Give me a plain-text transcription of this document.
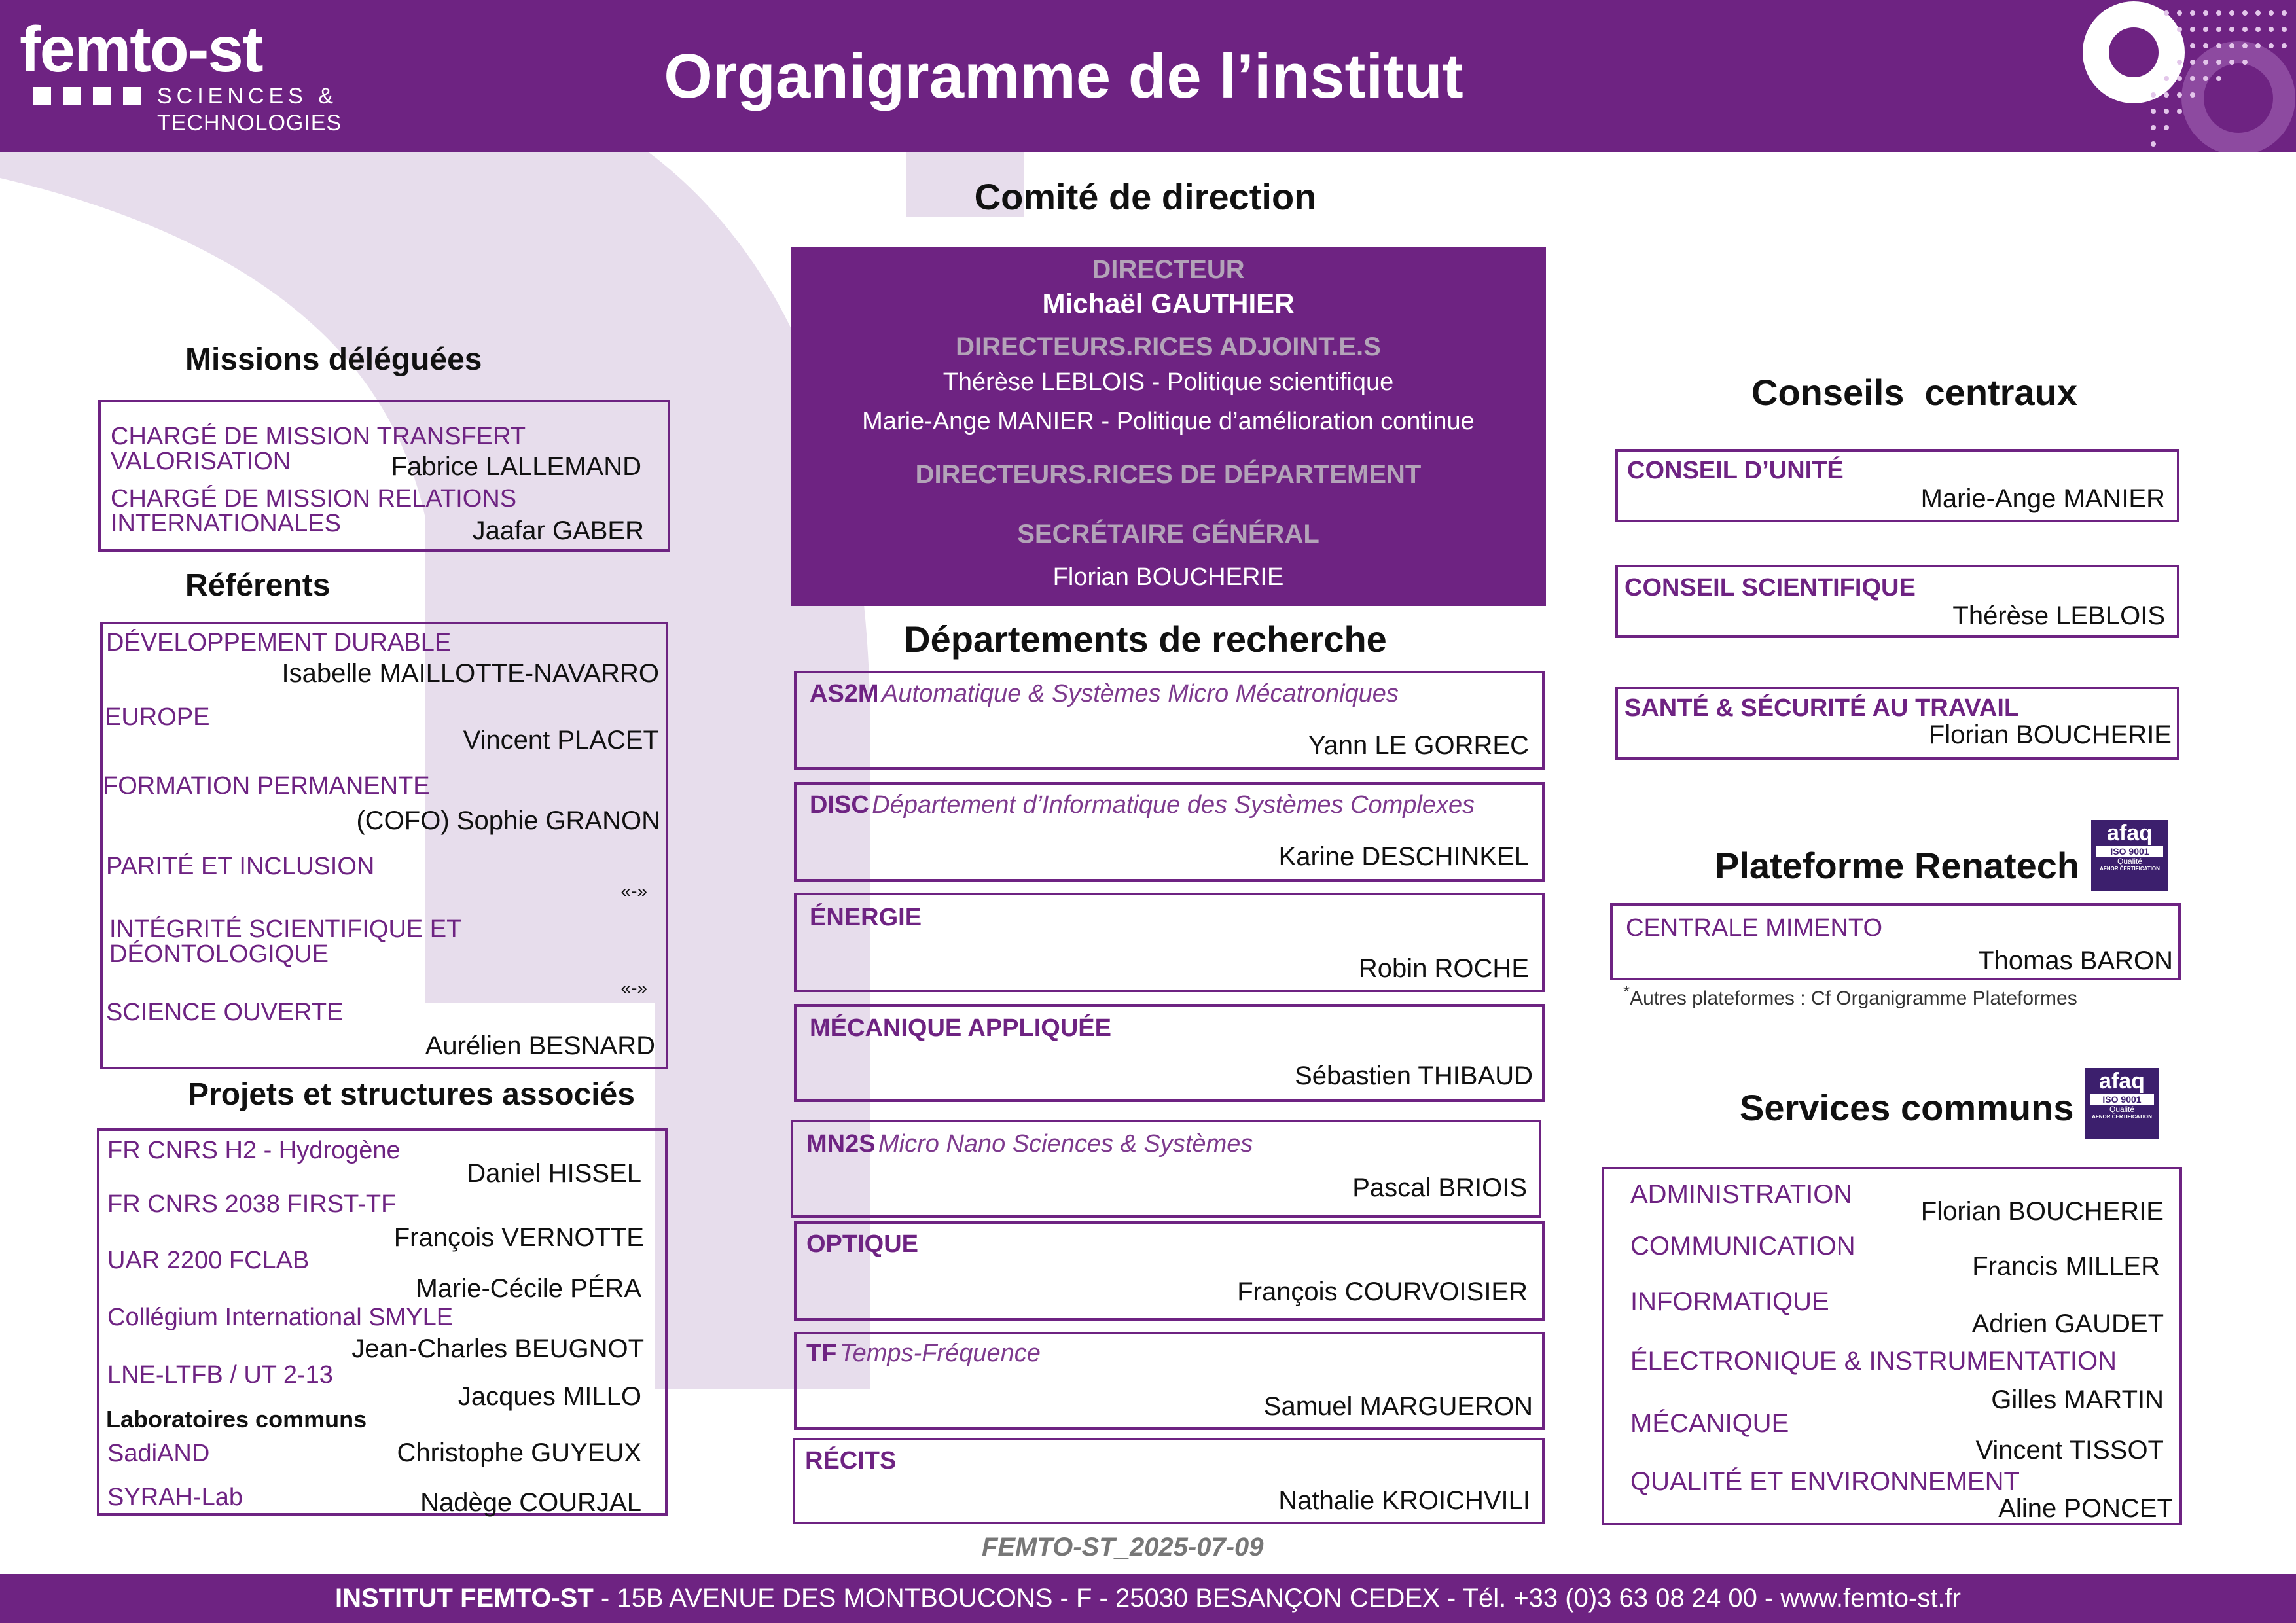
femto-st
SCIENCES &
TECHNOLOGIES
Organigramme de l’institut
Comité de direction
DIRECTEUR
Michaël GAUTHIER
DIRECTEURS.RICES ADJOINT.E.S
Thérèse LEBLOIS - Politique scientifique
Marie-Ange MANIER - Politique d’amélioration continue
DIRECTEURS.RICES DE DÉPARTEMENT
SECRÉTAIRE GÉNÉRAL
Florian BOUCHERIE
Missions déléguées
CHARGÉ DE MISSION TRANSFERT
VALORISATION	Fabrice LALLEMAND
CHARGÉ DE MISSION RELATIONS
INTERNATIONALES	Jaafar GABER
Référents
DÉVELOPPEMENT DURABLE
Isabelle MAILLOTTE-NAVARRO
EUROPE
Vincent PLACET
FORMATION PERMANENTE
(COFO) Sophie GRANON
PARITÉ ET INCLUSION
«-»
INTÉGRITÉ SCIENTIFIQUE ET
DÉONTOLOGIQUE
«-»
SCIENCE OUVERTE
Aurélien BESNARD
Projets et structures associés
FR CNRS H2 - Hydrogène
Daniel HISSEL
FR CNRS 2038 FIRST-TF
François VERNOTTE
UAR 2200 FCLAB
Marie-Cécile PÉRA
Collégium International SMYLE
Jean-Charles BEUGNOT
LNE-LTFB / UT 2-13
Jacques MILLO
Laboratoires communs
SadiAND	Christophe GUYEUX
SYRAH-Lab	Nadège COURJAL
Départements de recherche
AS2M Automatique & Systèmes Micro Mécatroniques
Yann LE GORREC
DISC Département d’Informatique des Systèmes Complexes
Karine DESCHINKEL
ÉNERGIE
Robin ROCHE
MÉCANIQUE APPLIQUÉE
Sébastien THIBAUD
MN2S Micro Nano Sciences & Systèmes
Pascal BRIOIS
OPTIQUE
François COURVOISIER
TF Temps-Fréquence
Samuel MARGUERON
RÉCITS
Nathalie KROICHVILI
FEMTO-ST_2025-07-09
Conseils  centraux
CONSEIL D’UNITÉ
Marie-Ange MANIER
CONSEIL SCIENTIFIQUE
Thérèse LEBLOIS
SANTÉ & SÉCURITÉ AU TRAVAIL
Florian BOUCHERIE
Plateforme Renatech
afaq
ISO 9001
Qualité
AFNOR CERTIFICATION
CENTRALE MIMENTO
Thomas BARON
*Autres plateformes : Cf Organigramme Plateformes
Services communs
afaq
ISO 9001
Qualité
AFNOR CERTIFICATION
ADMINISTRATION
Florian BOUCHERIE
COMMUNICATION
Francis MILLER
INFORMATIQUE
Adrien GAUDET
ÉLECTRONIQUE & INSTRUMENTATION
Gilles MARTIN
MÉCANIQUE
Vincent TISSOT
QUALITÉ ET ENVIRONNEMENT
Aline PONCET
INSTITUT FEMTO-ST - 15B AVENUE DES MONTBOUCONS - F - 25030 BESANÇON CEDEX - Tél. +33 (0)3 63 08 24 00 - www.femto-st.fr
